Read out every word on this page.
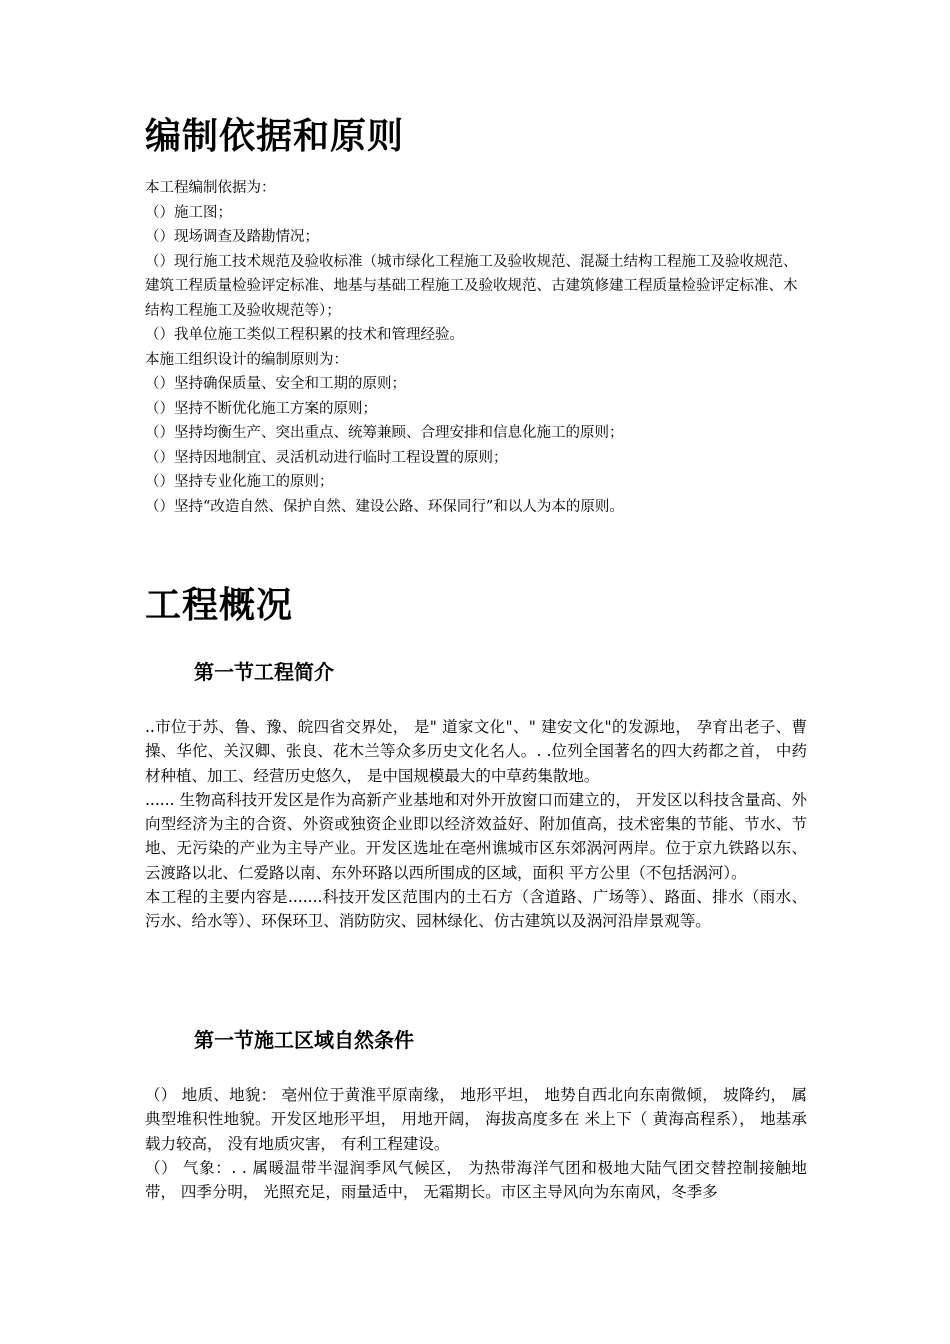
编制依据和原则

本工程编制依据为：

（）施工图；

（）现场调查及踏勘情况；

（）现行施工技术规范及验收标准（城市绿化工程施工及验收规范、混凝土结构工程施工及验收规范、建筑工程质量检验评定标准、地基与基础工程施工及验收规范、古建筑修建工程质量检验评定标准、木结构工程施工及验收规范等）；

（）我单位施工类似工程积累的技术和管理经验。

本施工组织设计的编制原则为：

（）坚持确保质量、安全和工期的原则；

（）坚持不断优化施工方案的原则；

（）坚持均衡生产、突出重点、统筹兼顾、合理安排和信息化施工的原则；

（）坚持因地制宜、灵活机动进行临时工程设置的原则；

（）坚持专业化施工的原则；

（）坚持“改造自然、保护自然、建设公路、环保同行”和以人为本的原则。

工程概况
第一节工程简介

..市位于苏、鲁、豫、皖四省交界处， 是" 道家文化"、" 建安文化"的发源地， 孕育出老子、曹操、华佗、关汉卿、张良、花木兰等众多历史文化名人。. .位列全国著名的四大药都之首， 中药材种植、加工、经营历史悠久， 是中国规模最大的中草药集散地。

...... 生物高科技开发区是作为高新产业基地和对外开放窗口而建立的， 开发区以科技含量高、外向型经济为主的合资、外资或独资企业即以经济效益好、附加值高，技术密集的节能、节水、节地、无污染的产业为主导产业。开发区选址在亳州谯城市区东郊涡河两岸。位于京九铁路以东、云渡路以北、仁爱路以南、东外环路以西所围成的区域，面积 平方公里（不包括涡河）。

本工程的主要内容是.......科技开发区范围内的土石方（含道路、广场等）、路面、排水（雨水、污水、给水等）、环保环卫、消防防灾、园林绿化、仿古建筑以及涡河沿岸景观等。

第一节施工区域自然条件

（） 地质、地貌： 亳州位于黄淮平原南缘， 地形平坦， 地势自西北向东南微倾， 坡降约， 属典型堆积性地貌。开发区地形平坦， 用地开阔， 海拔高度多在 米上下（ 黄海高程系）， 地基承载力较高， 没有地质灾害， 有利工程建设。

（） 气象：. . 属暖温带半湿润季风气候区， 为热带海洋气团和极地大陆气团交替控制接触地带， 四季分明， 光照充足，雨量适中， 无霜期长。市区主导风向为东南风，冬季多
